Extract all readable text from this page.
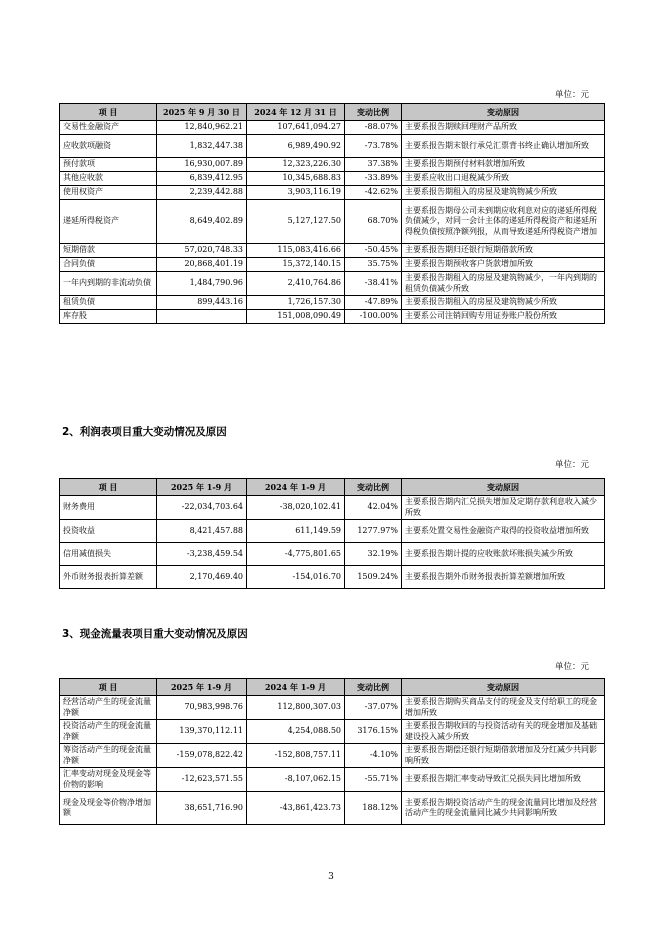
单位：元
项 目	2025 年 9 月 30 日	2024 年 12 月 31 日	变动比例	变动原因
交易性金融资产	12,840,962.21	107,641,094.27	-88.07%	主要系报告期赎回理财产品所致
应收款项融资	1,832,447.38	6,989,490.92	-73.78%	主要系报告期末银行承兑汇票背书终止确认增加所致
预付款项	16,930,007.89	12,323,226.30	37.38%	主要系报告期预付材料款增加所致
其他应收款	6,839,412.95	10,345,688.83	-33.89%	主要系应收出口退税减少所致
使用权资产	2,239,442.88	3,903,116.19	-42.62%	主要系报告期租入的房屋及建筑物减少所致
递延所得税资产	8,649,402.89	5,127,127.50	68.70%	主要系报告期母公司未到期应收利息对应的递延所得税负债减少，对同一会计主体的递延所得税资产和递延所得税负债按照净额列报，从而导致递延所得税资产增加
短期借款	57,020,748.33	115,083,416.66	-50.45%	主要系报告期归还银行短期借款所致
合同负债	20,868,401.19	15,372,140.15	35.75%	主要系报告期预收客户货款增加所致
一年内到期的非流动负债	1,484,790.96	2,410,764.86	-38.41%	主要系报告期租入的房屋及建筑物减少，一年内到期的租赁负债减少所致
租赁负债	899,443.16	1,726,157.30	-47.89%	主要系报告期租入的房屋及建筑物减少所致
库存股		151,008,090.49	-100.00%	主要系公司注销回购专用证券账户股份所致
2、利润表项目重大变动情况及原因
单位：元
项 目	2025 年 1-9 月	2024 年 1-9 月	变动比例	变动原因
财务费用	-22,034,703.64	-38,020,102.41	42.04%	主要系报告期内汇兑损失增加及定期存款利息收入减少所致
投资收益	8,421,457.88	611,149.59	1277.97%	主要系处置交易性金融资产取得的投资收益增加所致
信用减值损失	-3,238,459.54	-4,775,801.65	32.19%	主要系报告期计提的应收账款坏账损失减少所致
外币财务报表折算差额	2,170,469.40	-154,016.70	1509.24%	主要系报告期外币财务报表折算差额增加所致
3、现金流量表项目重大变动情况及原因
单位：元
项 目	2025 年 1-9 月	2024 年 1-9 月	变动比例	变动原因
经营活动产生的现金流量净额	70,983,998.76	112,800,307.03	-37.07%	主要系报告期购买商品支付的现金及支付给职工的现金增加所致
投资活动产生的现金流量净额	139,370,112.11	4,254,088.50	3176.15%	主要系报告期收回的与投资活动有关的现金增加及基础建设投入减少所致
筹资活动产生的现金流量净额	-159,078,822.42	-152,808,757.11	-4.10%	主要系报告期偿还银行短期借款增加及分红减少共同影响所致
汇率变动对现金及现金等价物的影响	-12,623,571.55	-8,107,062.15	-55.71%	主要系报告期汇率变动导致汇兑损失同比增加所致
现金及现金等价物净增加额	38,651,716.90	-43,861,423.73	188.12%	主要系报告期投资活动产生的现金流量同比增加及经营活动产生的现金流量同比减少共同影响所致
3
